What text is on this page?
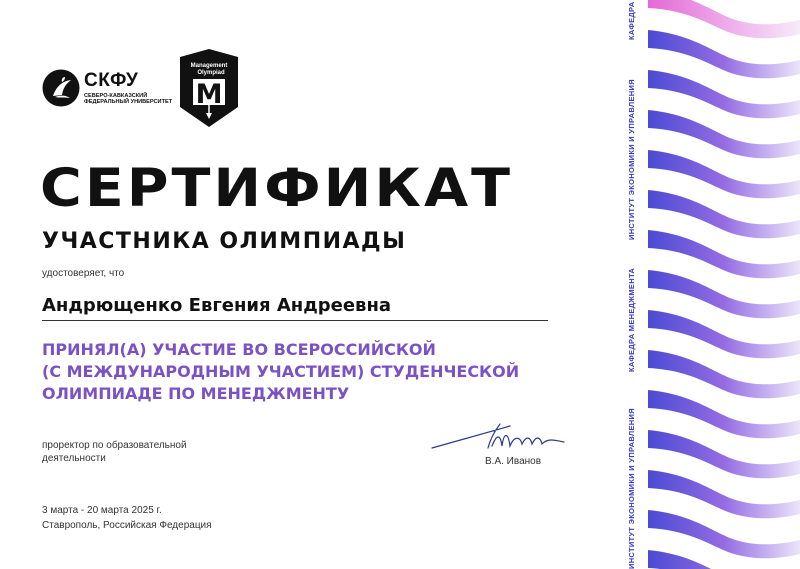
СКФУ
СЕВЕРО-КАВКАЗСКИЙ ФЕДЕРАЛЬНЫЙ УНИВЕРСИТЕТ
Management
Olympiad
M
СЕРТИФИКАТ
УЧАСТНИКА ОЛИМПИАДЫ
удостоверяет, что
Андрющенко Евгения Андреевна
ПРИНЯЛ(А) УЧАСТИЕ ВО ВСЕРОССИЙСКОЙ
(С МЕЖДУНАРОДНЫМ УЧАСТИЕМ) СТУДЕНЧЕСКОЙ
ОЛИМПИАДЕ ПО МЕНЕДЖМЕНТУ
проректор по образовательной
деятельности	В.А. Иванов
3 марта - 20 марта 2025 г.
Ставрополь, Российская Федерация	ИНСТИТУТ ЭКОНОМИКИ И УПРАВЛЕНИЯ
КАФЕДРА МЕНЕДЖМЕНТА
ИНСТИТУТ ЭКОНОМИКИ И УПРАВЛЕНИЯ
КАФЕДРА
